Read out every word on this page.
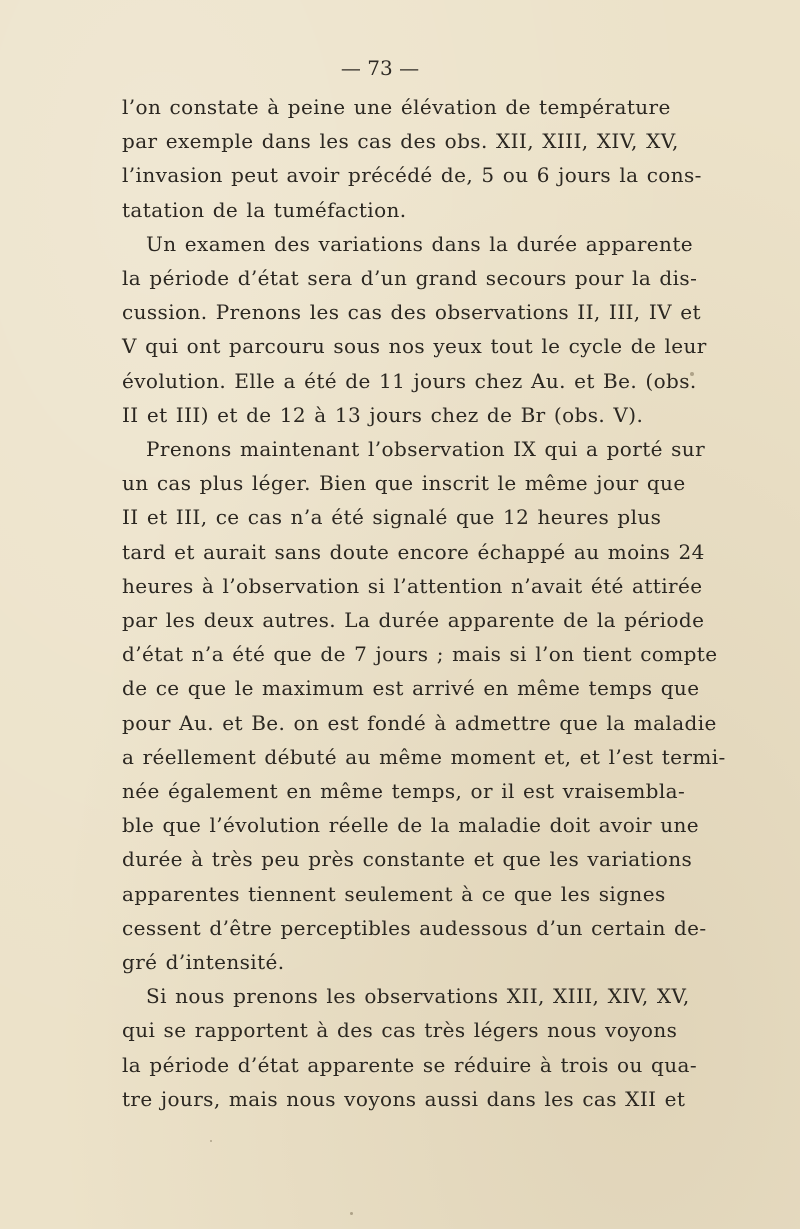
— 73 —

l’on constate à peine une élévation de température
par exemple dans les cas des obs. XII, XIII, XIV, XV,
l’invasion peut avoir précédé de, 5 ou 6 jours la cons-
tatation de la tuméfaction.

Un examen des variations dans la durée apparente
la période d’état sera d’un grand secours pour la dis-
cussion. Prenons les cas des observations II, III, IV et
V qui ont parcouru sous nos yeux tout le cycle de leur
évolution. Elle a été de 11 jours chez Au. et Be. (obs.
II et III) et de 12 à 13 jours chez de Br (obs. V).

Prenons maintenant l’observation IX qui a porté sur
un cas plus léger. Bien que inscrit le même jour que
II et III, ce cas n’a été signalé que 12 heures plus
tard et aurait sans doute encore échappé au moins 24
heures à l’observation si l’attention n’avait été attirée
par les deux autres. La durée apparente de la période
d’état n’a été que de 7 jours ; mais si l’on tient compte
de ce que le maximum est arrivé en même temps que
pour Au. et Be. on est fondé à admettre que la maladie
a réellement débuté au même moment et, et l’est termi-
née également en même temps, or il est vraisembla-
ble que l’évolution réelle de la maladie doit avoir une
durée à très peu près constante et que les variations
apparentes tiennent seulement à ce que les signes
cessent d’être perceptibles audessous d’un certain de-
gré d’intensité.

Si nous prenons les observations XII, XIII, XIV, XV,
qui se rapportent à des cas très légers nous voyons
la période d’état apparente se réduire à trois ou qua-
tre jours, mais nous voyons aussi dans les cas XII et
